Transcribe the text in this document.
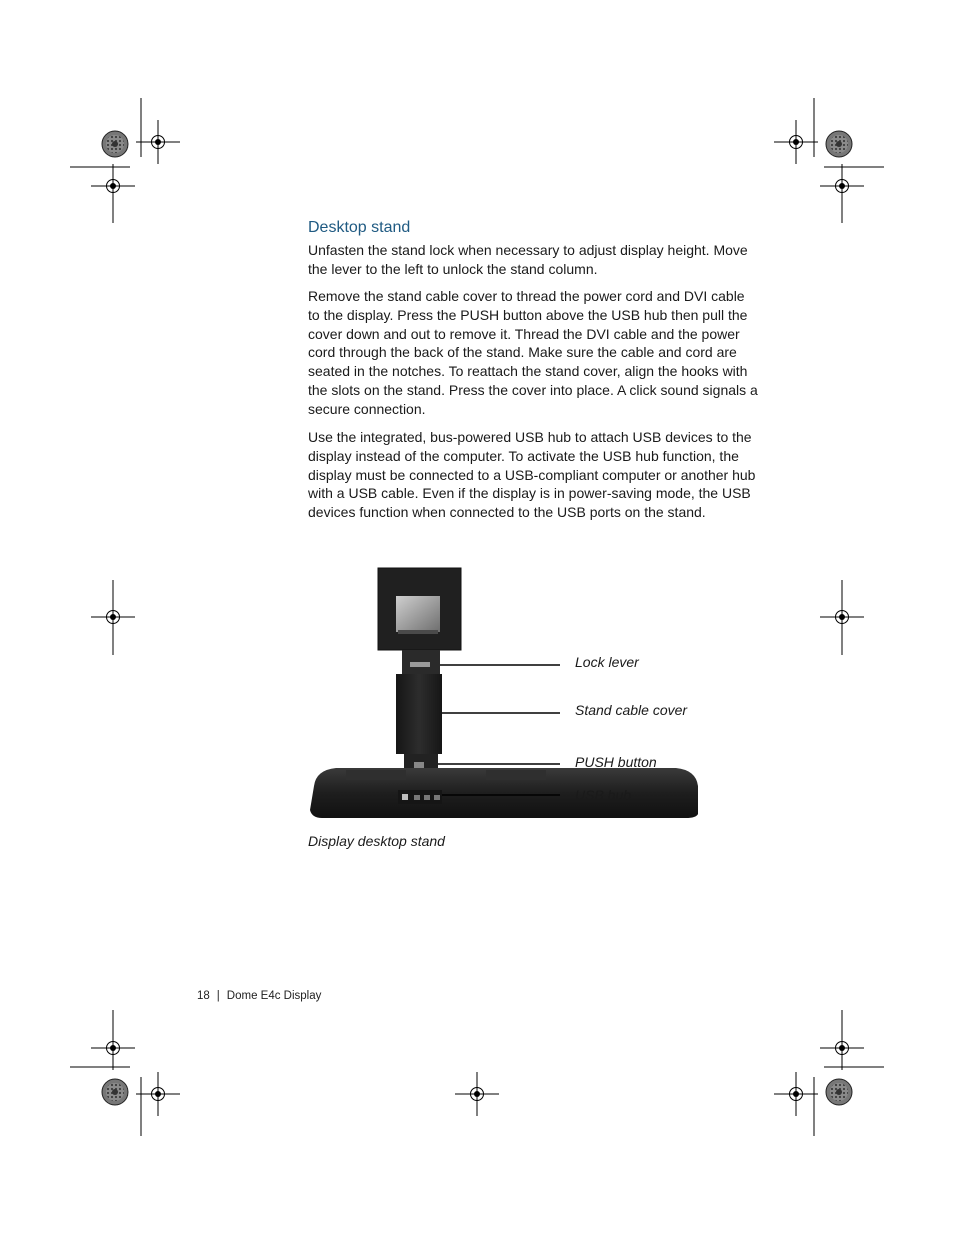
Desktop stand

Unfasten the stand lock when necessary to adjust display height. Move the lever to the left to unlock the stand column.

Remove the stand cable cover to thread the power cord and DVI cable to the display. Press the PUSH button above the USB hub then pull the cover down and out to remove it. Thread the DVI cable and the power cord through the back of the stand. Make sure the cable and cord are seated in the notches. To reattach the stand cover, align the hooks with the slots on the stand. Press the cover into place. A click sound signals a secure connection.

Use the integrated, bus-powered USB hub to attach USB devices to the display instead of the computer. To activate the USB hub function, the display must be connected to a USB-compliant computer or another hub with a USB cable. Even if the display is in power-saving mode, the USB devices function when connected to the USB ports on the stand.

Lock lever
Stand cable cover
PUSH button
USB hub
Display desktop stand
18 | Dome E4c Display
